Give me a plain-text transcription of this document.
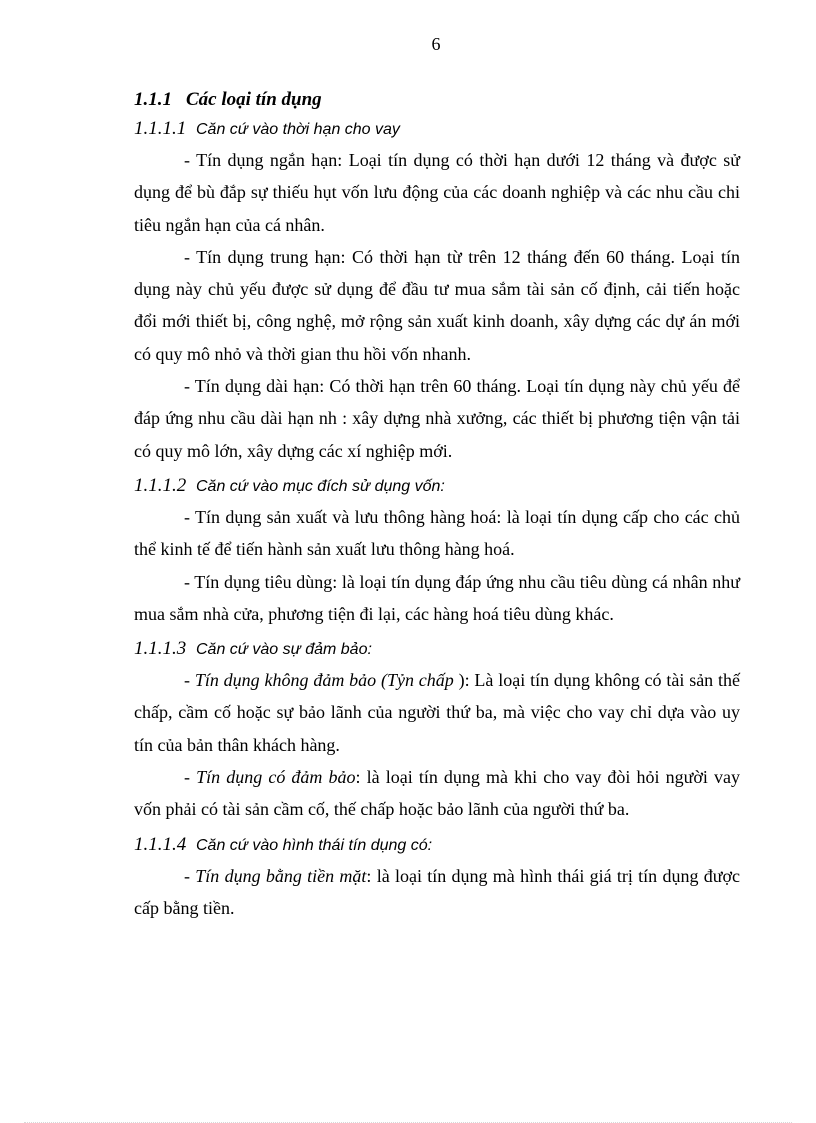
6
1.1.1 Các loại tín dụng
1.1.1.1 Căn cứ vào thời hạn cho vay

- Tín dụng ngắn hạn: Loại tín dụng có thời hạn dưới 12 tháng và được sử dụng để bù đắp sự thiếu hụt vốn lưu động của các doanh nghiệp và các nhu cầu chi tiêu ngắn hạn của cá nhân.

- Tín dụng trung hạn: Có thời hạn từ trên 12 tháng đến 60 tháng. Loại tín dụng này chủ yếu được sử dụng để đầu tư mua sắm tài sản cố định, cải tiến hoặc đổi mới thiết bị, công nghệ, mở rộng sản xuất kinh doanh, xây dựng các dự án mới có quy mô nhỏ và thời gian thu hồi vốn nhanh.

- Tín dụng dài hạn: Có thời hạn trên 60 tháng. Loại tín dụng này chủ yếu để đáp ứng nhu cầu dài hạn nh : xây dựng nhà xưởng, các thiết bị phương tiện vận tải có quy mô lớn, xây dựng các xí nghiệp mới.

1.1.1.2 Căn cứ vào mục đích sử dụng vốn:

- Tín dụng sản xuất và lưu thông hàng hoá: là loại tín dụng cấp cho các chủ thể kinh tế để tiến hành sản xuất lưu thông hàng hoá.

- Tín dụng tiêu dùng: là loại tín dụng đáp ứng nhu cầu tiêu dùng cá nhân như mua sắm nhà cửa, phương tiện đi lại, các hàng hoá tiêu dùng khác.

1.1.1.3 Căn cứ vào sự đảm bảo:

- Tín dụng không đảm bảo (Tỷn chấp ): Là loại tín dụng không có tài sản thế chấp, cầm cố hoặc sự bảo lãnh của người thứ ba, mà việc cho vay chỉ dựa vào uy tín của bản thân khách hàng.

- Tín dụng có đảm bảo: là loại tín dụng mà khi cho vay đòi hỏi người vay vốn phải có tài sản cầm cố, thế chấp hoặc bảo lãnh của người thứ ba.

1.1.1.4 Căn cứ vào hình thái tín dụng có:

- Tín dụng bằng tiền mặt: là loại tín dụng mà hình thái giá trị tín dụng được cấp bằng tiền.
